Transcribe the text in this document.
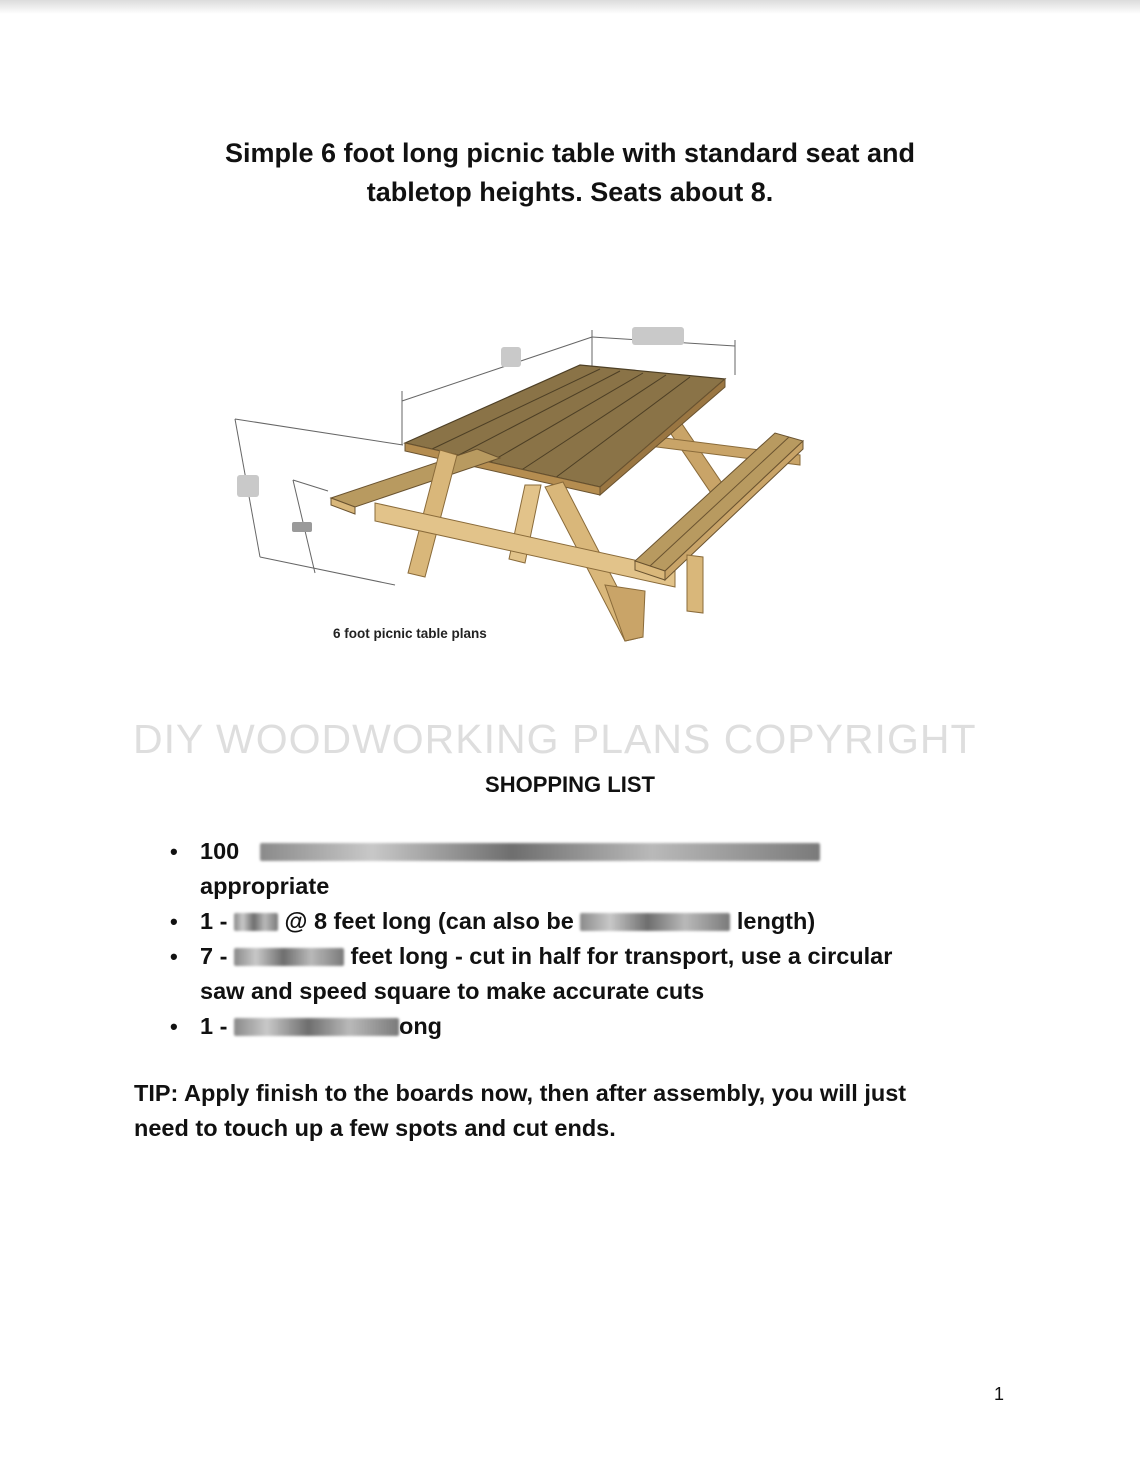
Simple 6 foot long picnic table with standard seat and
tabletop heights. Seats about 8.
6 foot picnic table plans
DIY WOODWORKING PLANS COPYRIGHT
SHOPPING LIST
• 100
appropriate
• 1 - @ 8 feet long (can also be	length)
• 7 -	feet long - cut in half for transport, use a circular
saw and speed square to make accurate cuts
• 1 -	ong
TIP: Apply finish to the boards now, then after assembly, you will just
need to touch up a few spots and cut ends.
1
